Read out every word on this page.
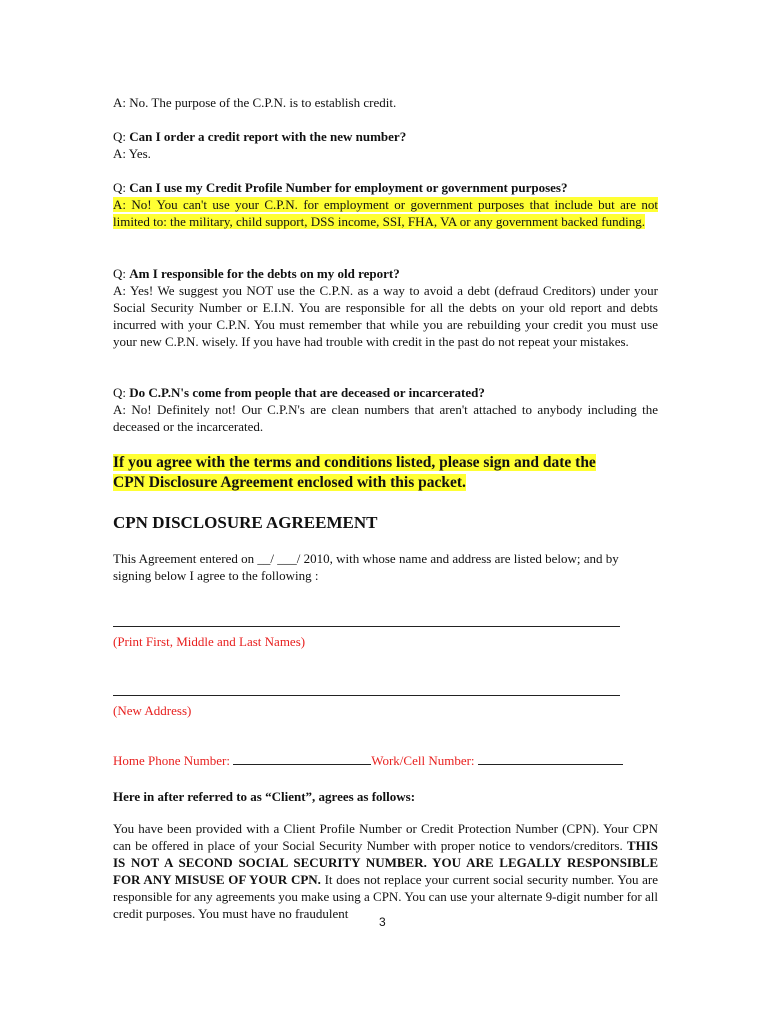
A: No. The purpose of the C.P.N. is to establish credit.

Q: Can I order a credit report with the new number?

A: Yes.

Q: Can I use my Credit Profile Number for employment or government purposes?

A: No! You can't use your C.P.N. for employment or government purposes that include but are not limited to: the military, child support, DSS income, SSI, FHA, VA or any government backed funding.

Q: Am I responsible for the debts on my old report?

A: Yes! We suggest you NOT use the C.P.N. as a way to avoid a debt (defraud Creditors) under your Social Security Number or E.I.N. You are responsible for all the debts on your old report and debts incurred with your C.P.N. You must remember that while you are rebuilding your credit you must use your new C.P.N. wisely. If you have had trouble with credit in the past do not repeat your mistakes.

Q: Do C.P.N's come from people that are deceased or incarcerated?

A: No! Definitely not! Our C.P.N's are clean numbers that aren't attached to anybody including the deceased or the incarcerated.

If you agree with the terms and conditions listed, please sign and date the
CPN Disclosure Agreement enclosed with this packet.
CPN DISCLOSURE AGREEMENT
This Agreement entered on __/ ___/ 2010, with whose name and address are listed below; and by signing below I agree to the following :
(Print First, Middle and Last Names)
(New Address)
Home Phone Number:	Work/Cell Number:
Here in after referred to as “Client”, agrees as follows:
You have been provided with a Client Profile Number or Credit Protection Number (CPN). Your CPN can be offered in place of your Social Security Number with proper notice to vendors/creditors. THIS IS NOT A SECOND SOCIAL SECURITY NUMBER. YOU ARE LEGALLY RESPONSIBLE FOR ANY MISUSE OF YOUR CPN. It does not replace your current social security number. You are responsible for any agreements you make using a CPN. You can use your alternate 9-digit number for all credit purposes. You must have no fraudulent
3
